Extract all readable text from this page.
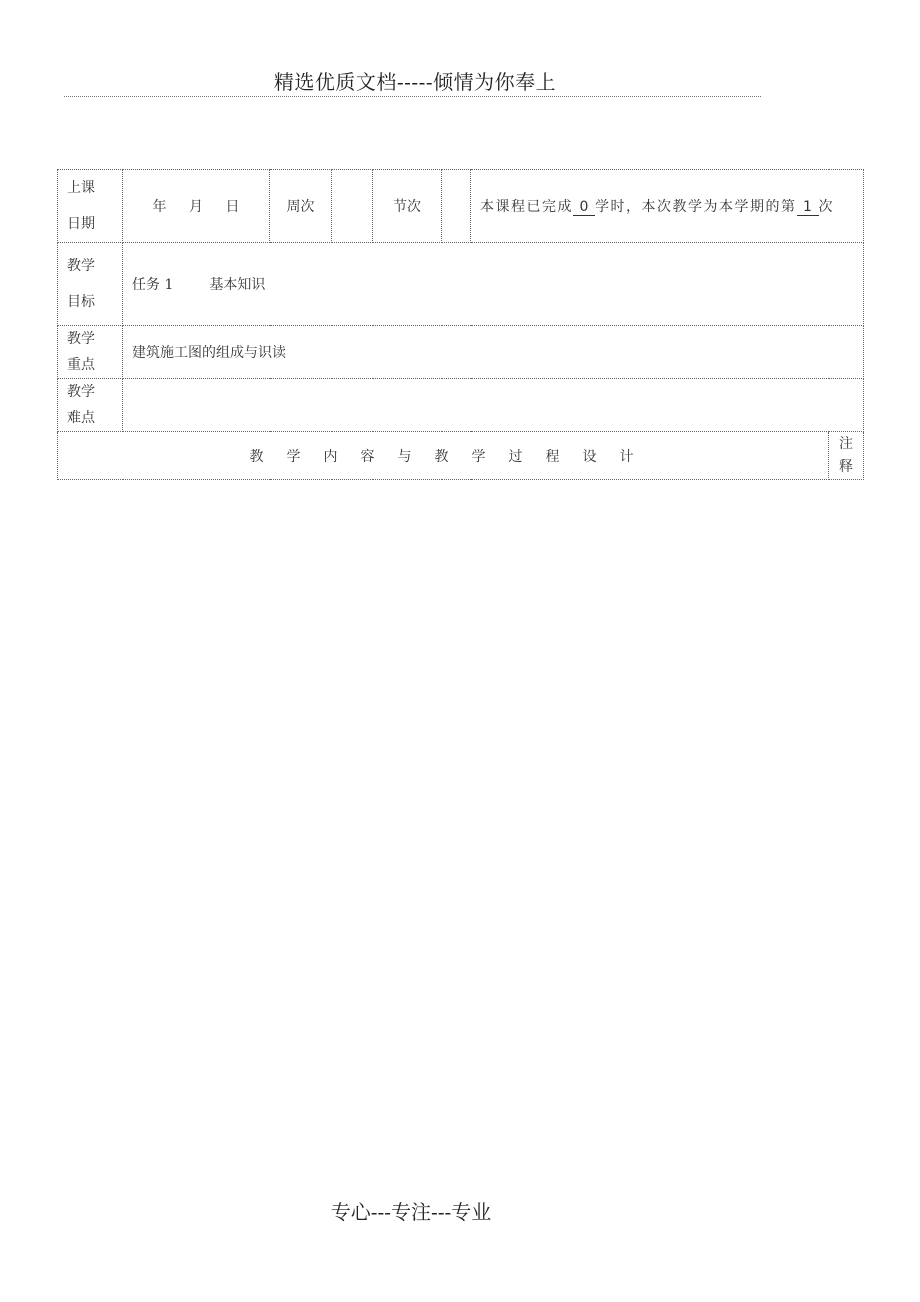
精选优质文档-----倾情为你奉上
上课
日期	年 月 日	周次		节次		本课程已完成 0 学时，本次教学为本学期的第 1 次	

教学
目标	任务 1 基本知识						

教学
重点	建筑施工图的组成与识读						

教学
难点							

教学内容与教学过程设计							注
释
专心---专注---专业
